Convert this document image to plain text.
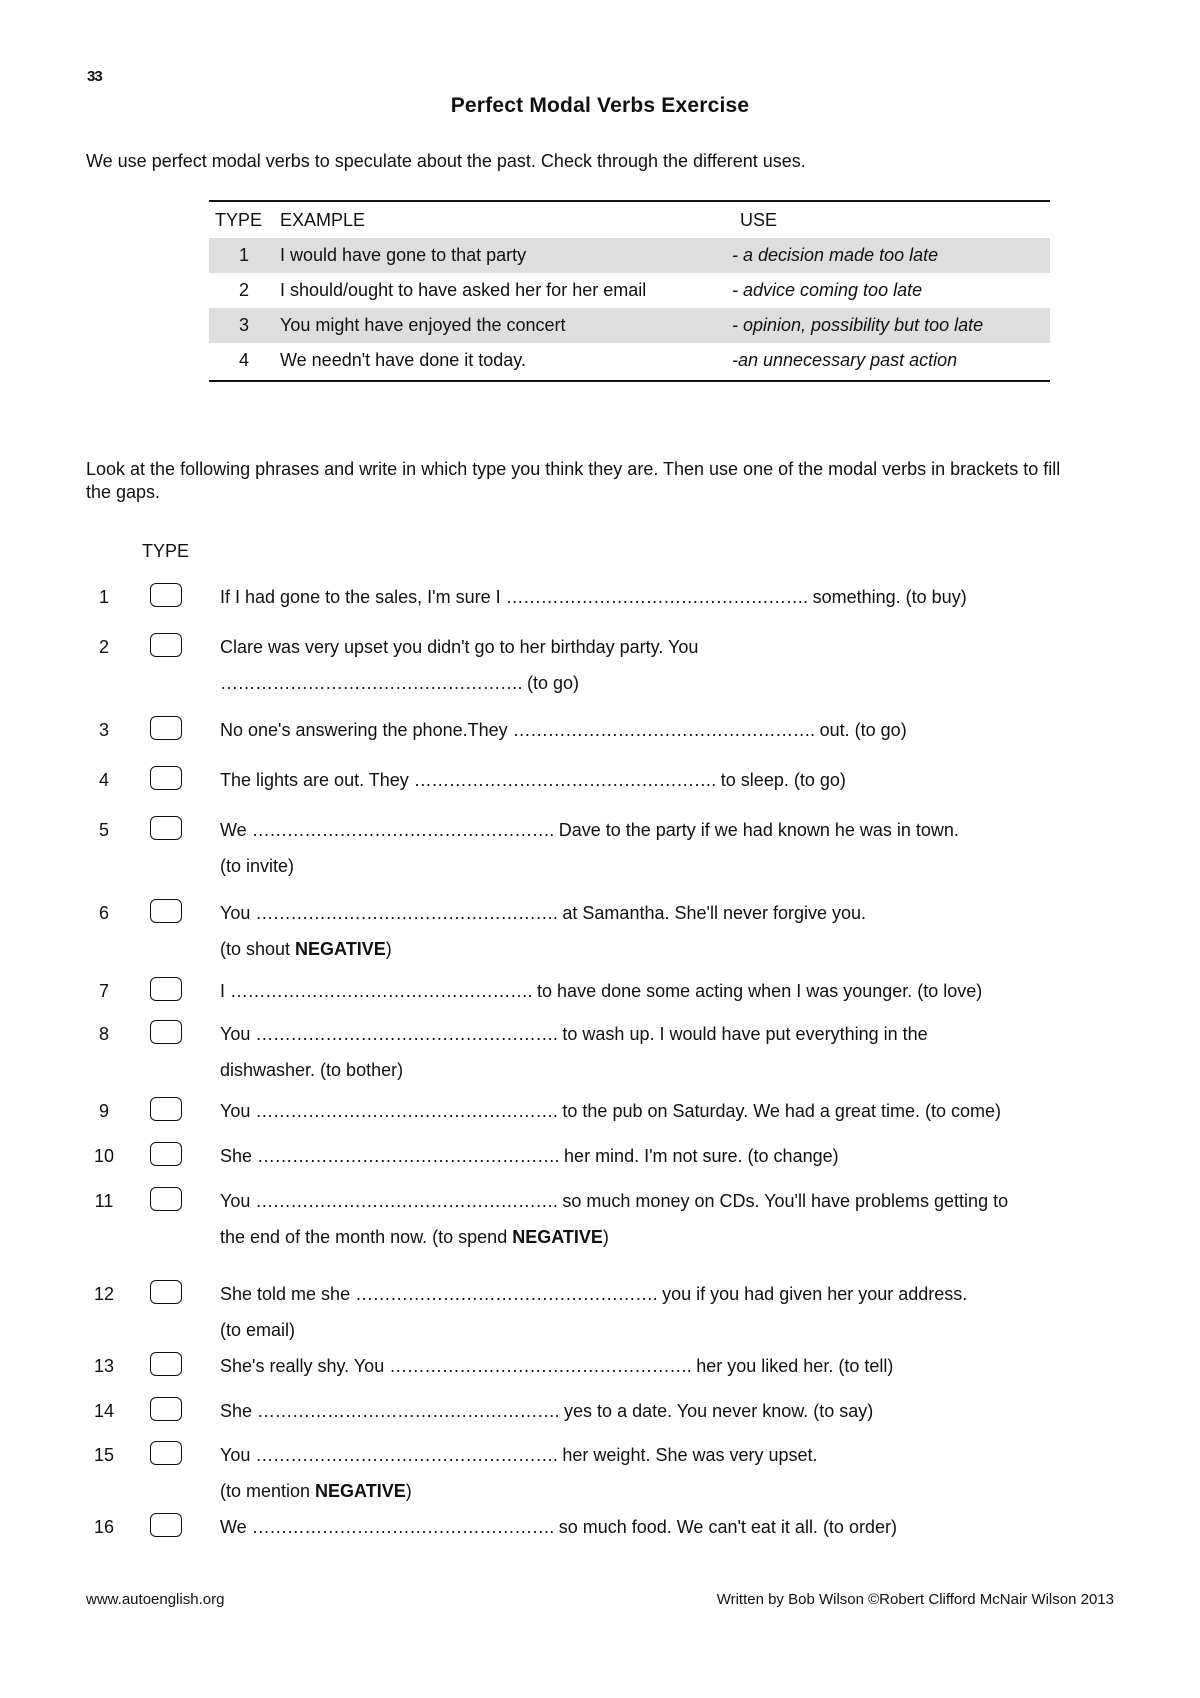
33
Perfect Modal Verbs Exercise
We use perfect modal verbs to speculate about the past. Check through the different uses.
TYPE EXAMPLE	USE
1	I would have gone to that party	- a decision made too late
2	I should/ought to have asked her for her email	- advice coming too late
3	You might have enjoyed the concert	- opinion, possibility but too late
4	We needn't have done it today.	-an unnecessary past action
Look at the following phrases and write in which type you think they are. Then use one of the modal verbs in brackets to fill the gaps.
TYPE
1	If I had gone to the sales, I'm sure I ……………………………………………. something. (to buy)
2	Clare was very upset you didn't go to her birthday party. You
……………………………………………. (to go)
3	No one's answering the phone.They ……………………………………………. out. (to go)
4	The lights are out. They ……………………………………………. to sleep. (to go)
5	We ……………………………………………. Dave to the party if we had known he was in town.
(to invite)
6	You ……………………………………………. at Samantha. She'll never forgive you.
(to shout NEGATIVE)
7	I ……………………………………………. to have done some acting when I was younger. (to love)
8	You ……………………………………………. to wash up. I would have put everything in the
dishwasher. (to bother)
9	You ……………………………………………. to the pub on Saturday. We had a great time. (to come)
10	She ……………………………………………. her mind. I'm not sure. (to change)
11	You ……………………………………………. so much money on CDs. You'll have problems getting to
the end of the month now. (to spend NEGATIVE)
12	She told me she ……………………………………………. you if you had given her your address.
(to email)
13	She's really shy. You ……………………………………………. her you liked her. (to tell)
14	She ……………………………………………. yes to a date. You never know. (to say)
15	You ……………………………………………. her weight. She was very upset.
(to mention NEGATIVE)
16	We ……………………………………………. so much food. We can't eat it all. (to order)
www.autoenglish.org	Written by Bob Wilson ©Robert Clifford McNair Wilson 2013
